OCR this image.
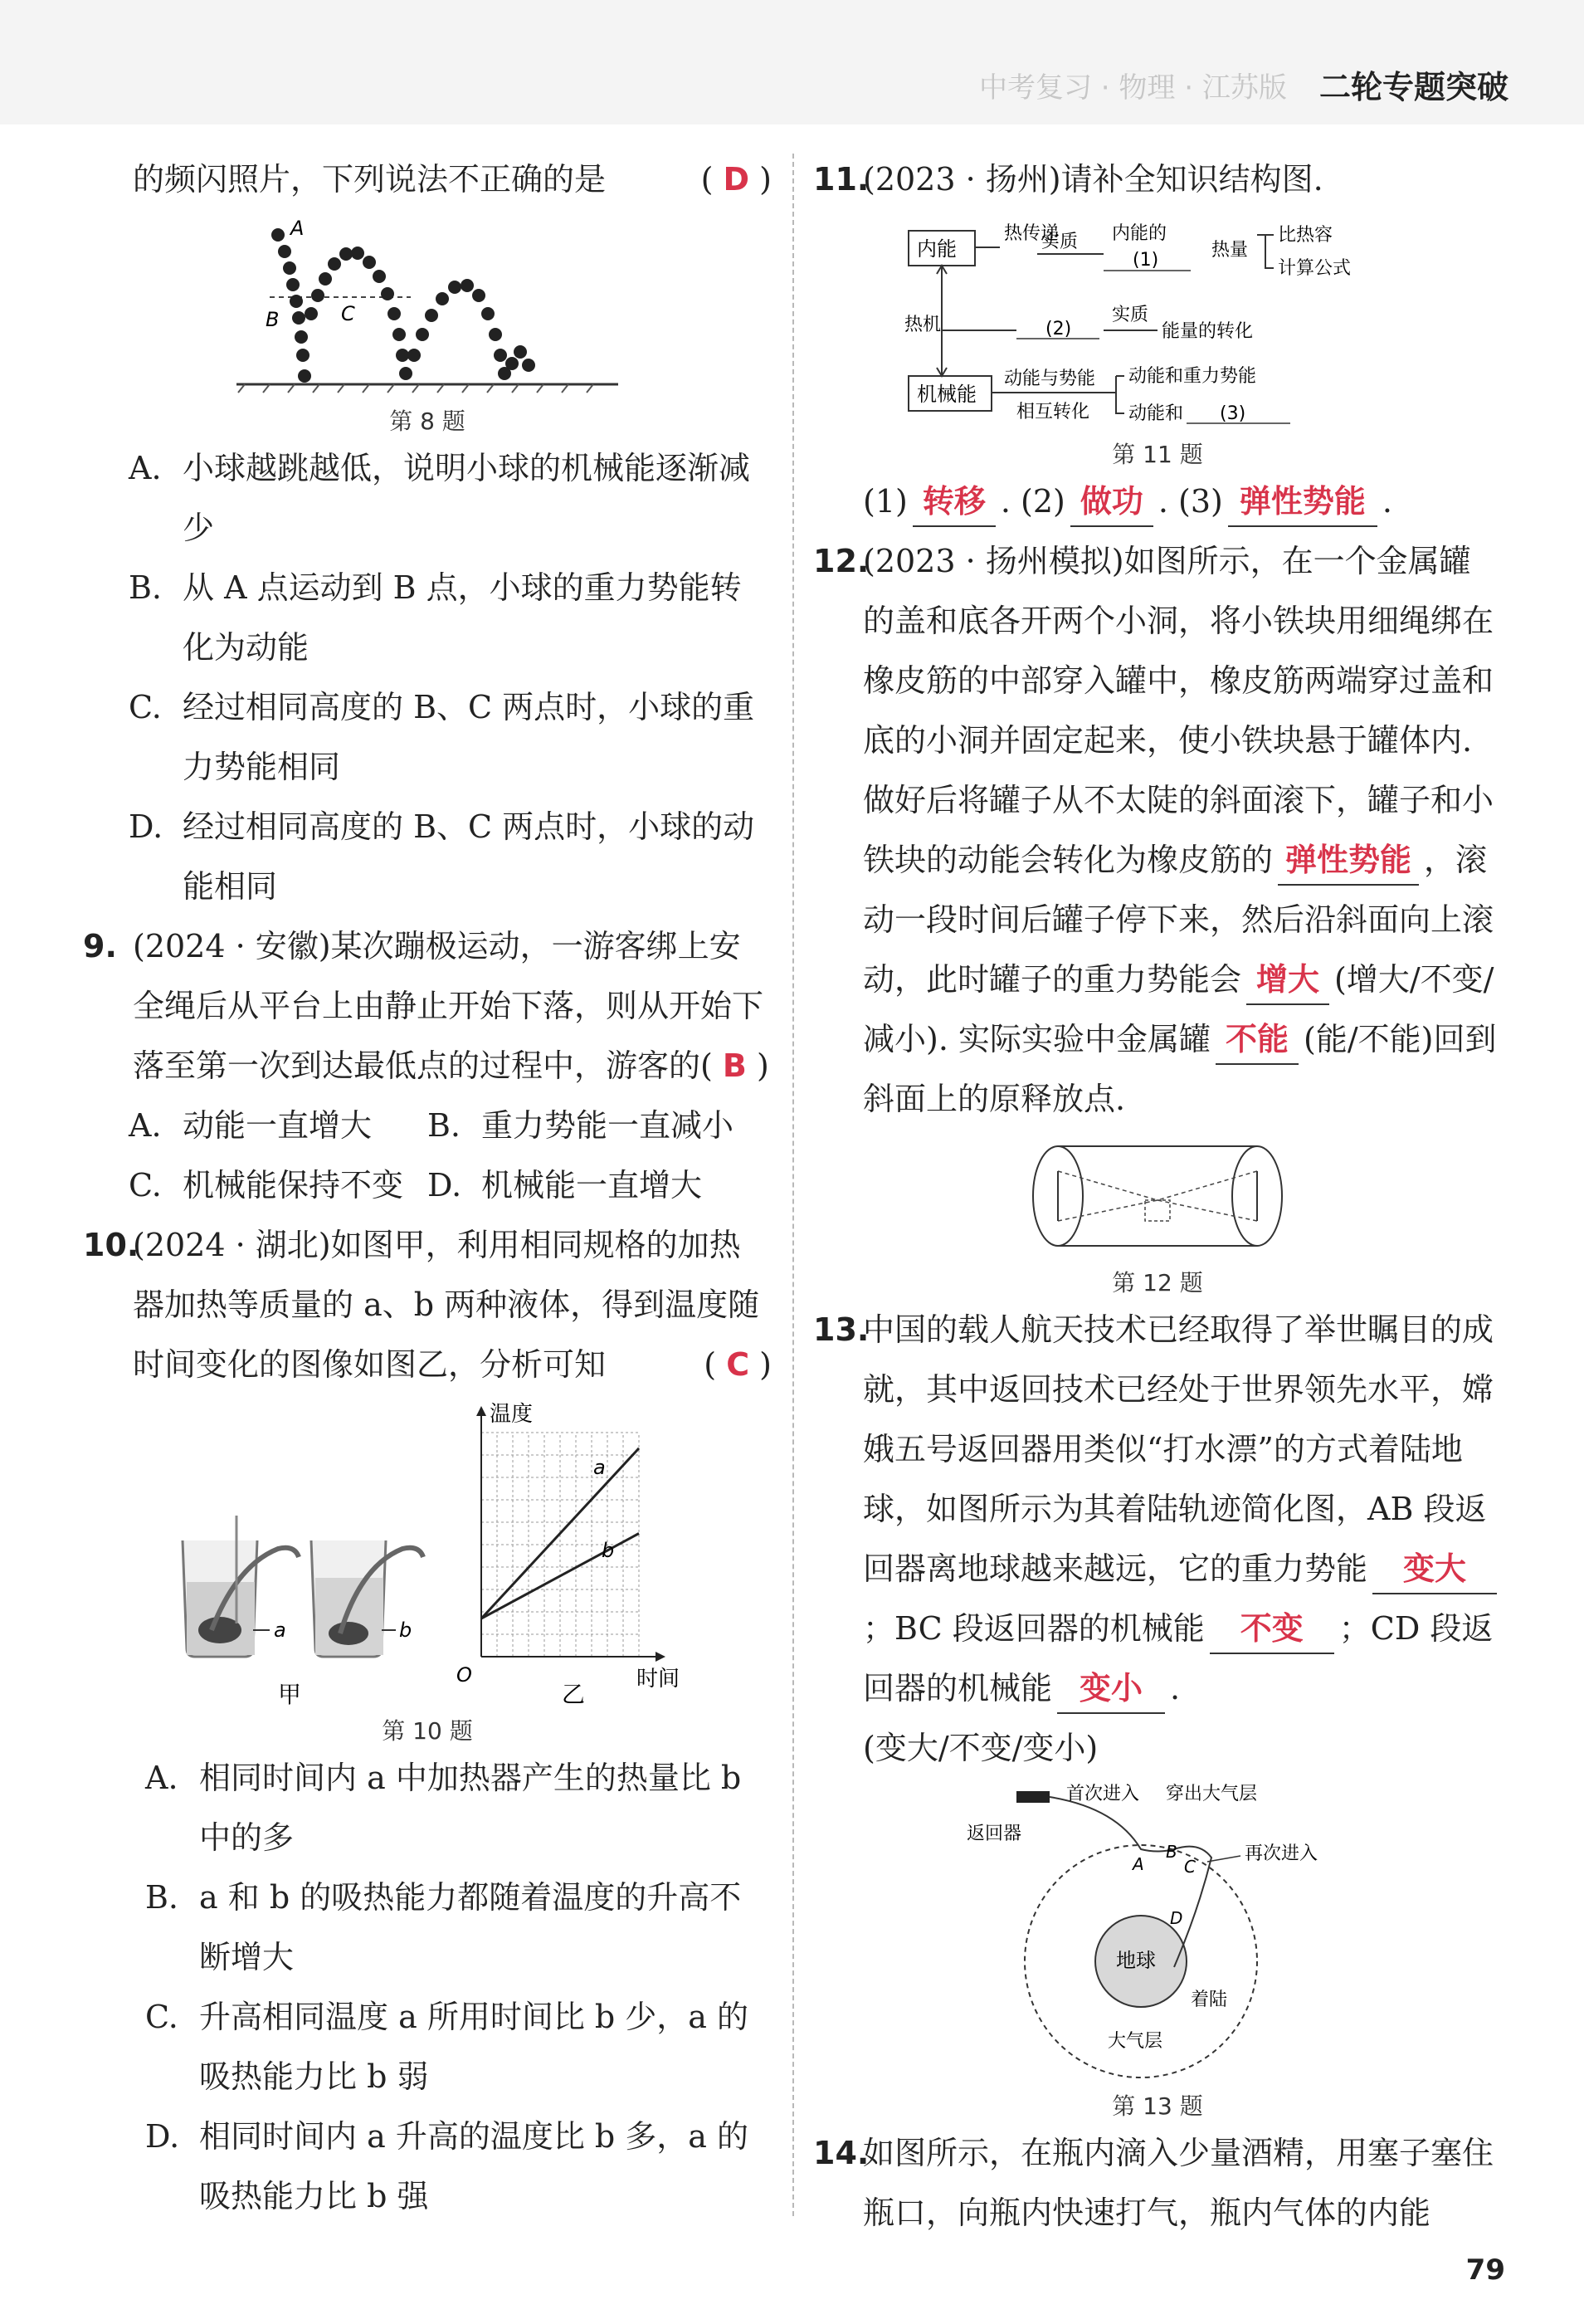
中考复习 · 物理 · 江苏版 二轮专题突破

的频闪照片，下列说法不正确的是	( D )

A
B	C
第 8 题

A. 小球越跳越低，说明小球的机械能逐渐减少

B. 从 A 点运动到 B 点，小球的重力势能转化为动能

C. 经过相同高度的 B、C 两点时，小球的重力势能相同

D. 经过相同高度的 B、C 两点时，小球的动能相同

9. (2024 · 安徽)某次蹦极运动，一游客绑上安全绳后从平台上由静止开始下落，则从开始下落至第一次到达最低点的过程中，游客的( B )

A. 动能一直增大

C. 机械能保持不变

B. 重力势能一直减小

D. 机械能一直增大

10.
(2024 · 湖北)如图甲，利用相同规格的加热器加热等质量的 a、b 两种液体，得到温度随时间变化的图像如图乙，分析可知	( C )

a	b
甲
a
b
温度
时间
O
乙
第 10 题

A. 相同时间内 a 中加热器产生的热量比 b 中的多

B. a 和 b 的吸热能力都随着温度的升高不断增大

C. 升高相同温度 a 所用时间比 b 少，a 的吸热能力比 b 弱

D. 相同时间内 a 升高的温度比 b 多，a 的吸热能力比 b 强

11.
(2023 · 扬州)请补全知识结构图.

内能
机械能
热机
热传递
实质 内能的
(1)	热量
比热容
计算公式
(2)
实质
能量的转化
动能与势能
相互转化
动能和重力势能
动能和 (3)
第 11 题

(1) 转移 . (2) 做功 . (3) 弹性势能 .

12.
(2023 · 扬州模拟)如图所示，在一个金属罐的盖和底各开两个小洞，将小铁块用细绳绑在橡皮筋的中部穿入罐中，橡皮筋两端穿过盖和底的小洞并固定起来，使小铁块悬于罐体内. 做好后将罐子从不太陡的斜面滚下，罐子和小铁块的动能会转化为橡皮筋的 弹性势能 ，滚动一段时间后罐子停下来，然后沿斜面向上滚动，此时罐子的重力势能会 增大 (增大/不变/减小). 实际实验中金属罐 不能 (能/不能)回到斜面上的原释放点.

第 12 题

13.
中国的载人航天技术已经取得了举世瞩目的成就，其中返回技术已经处于世界领先水平，嫦娥五号返回器用类似“打水漂”的方式着陆地球，如图所示为其着陆轨迹简化图，AB 段返回器离地球越来越远，它的重力势能 变大；BC 段返回器的机械能 不变 ；CD 段返回器的机械能 变小 .

(变大/不变/变小)

地球
首次进入 穿出大气层
返回器
再次进入
着陆
大气层
A
B
C
D
第 13 题

14.
如图所示，在瓶内滴入少量酒精，用塞子塞住瓶口，向瓶内快速打气，瓶内气体的内能

79
